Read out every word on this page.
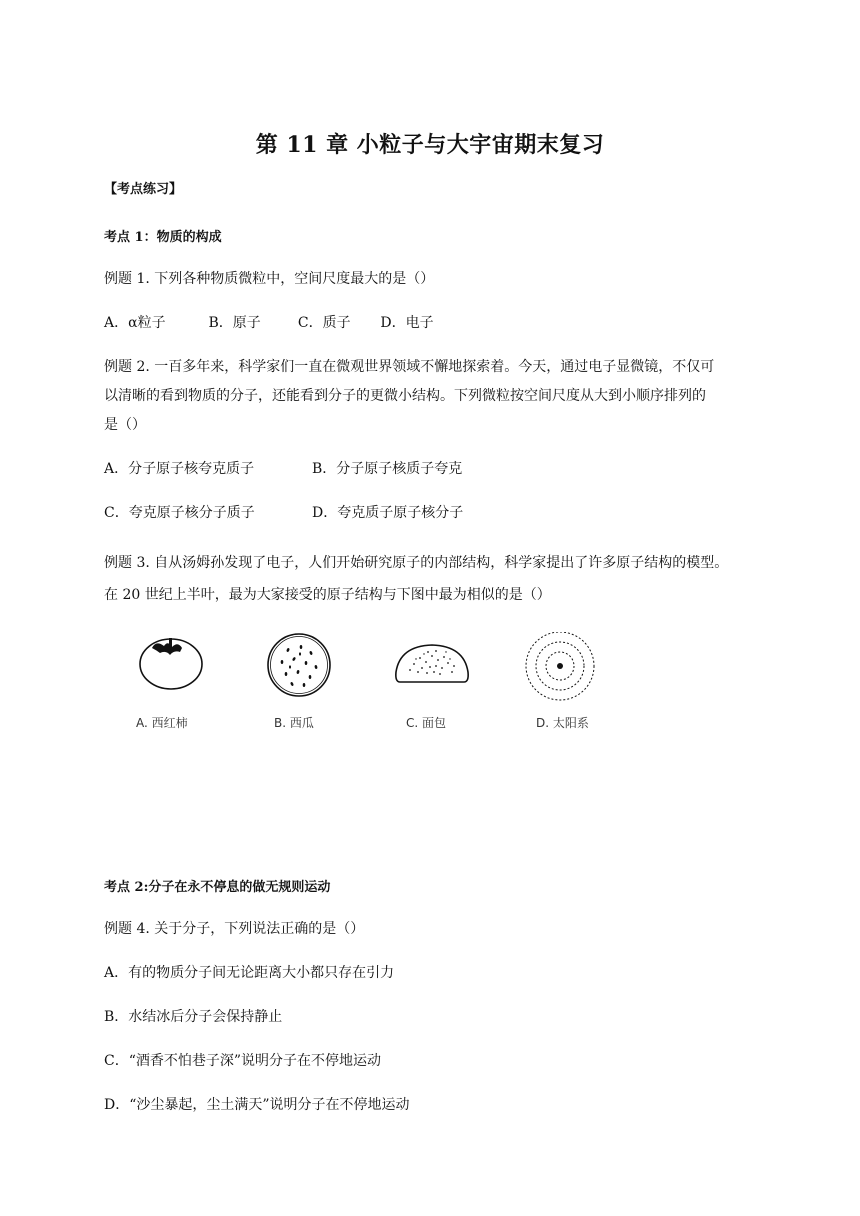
第 11 章 小粒子与大宇宙期末复习
【考点练习】
考点 1：物质的构成
例题 1. 下列各种物质微粒中，空间尺度最大的是（）
A．α粒子	B．原子	C．质子 D．电子
例题 2. 一百多年来，科学家们一直在微观世界领域不懈地探索着。今天，通过电子显微镜，不仅可
以清晰的看到物质的分子，还能看到分子的更微小结构。下列微粒按空间尺度从大到小顺序排列的
是（）
A．分子原子核夸克质子	B．分子原子核质子夸克
C．夸克原子核分子质子	D．夸克质子原子核分子
例题 3. 自从汤姆孙发现了电子，人们开始研究原子的内部结构，科学家提出了许多原子结构的模型。
在 20 世纪上半叶，最为大家接受的原子结构与下图中最为相似的是（）
A. 西红柿	B. 西瓜	C. 面包	D. 太阳系
考点 2:分子在永不停息的做无规则运动
例题 4. 关于分子，下列说法正确的是（）
A．有的物质分子间无论距离大小都只存在引力
B．水结冰后分子会保持静止
C．“酒香不怕巷子深”说明分子在不停地运动
D．“沙尘暴起，尘土满天”说明分子在不停地运动
